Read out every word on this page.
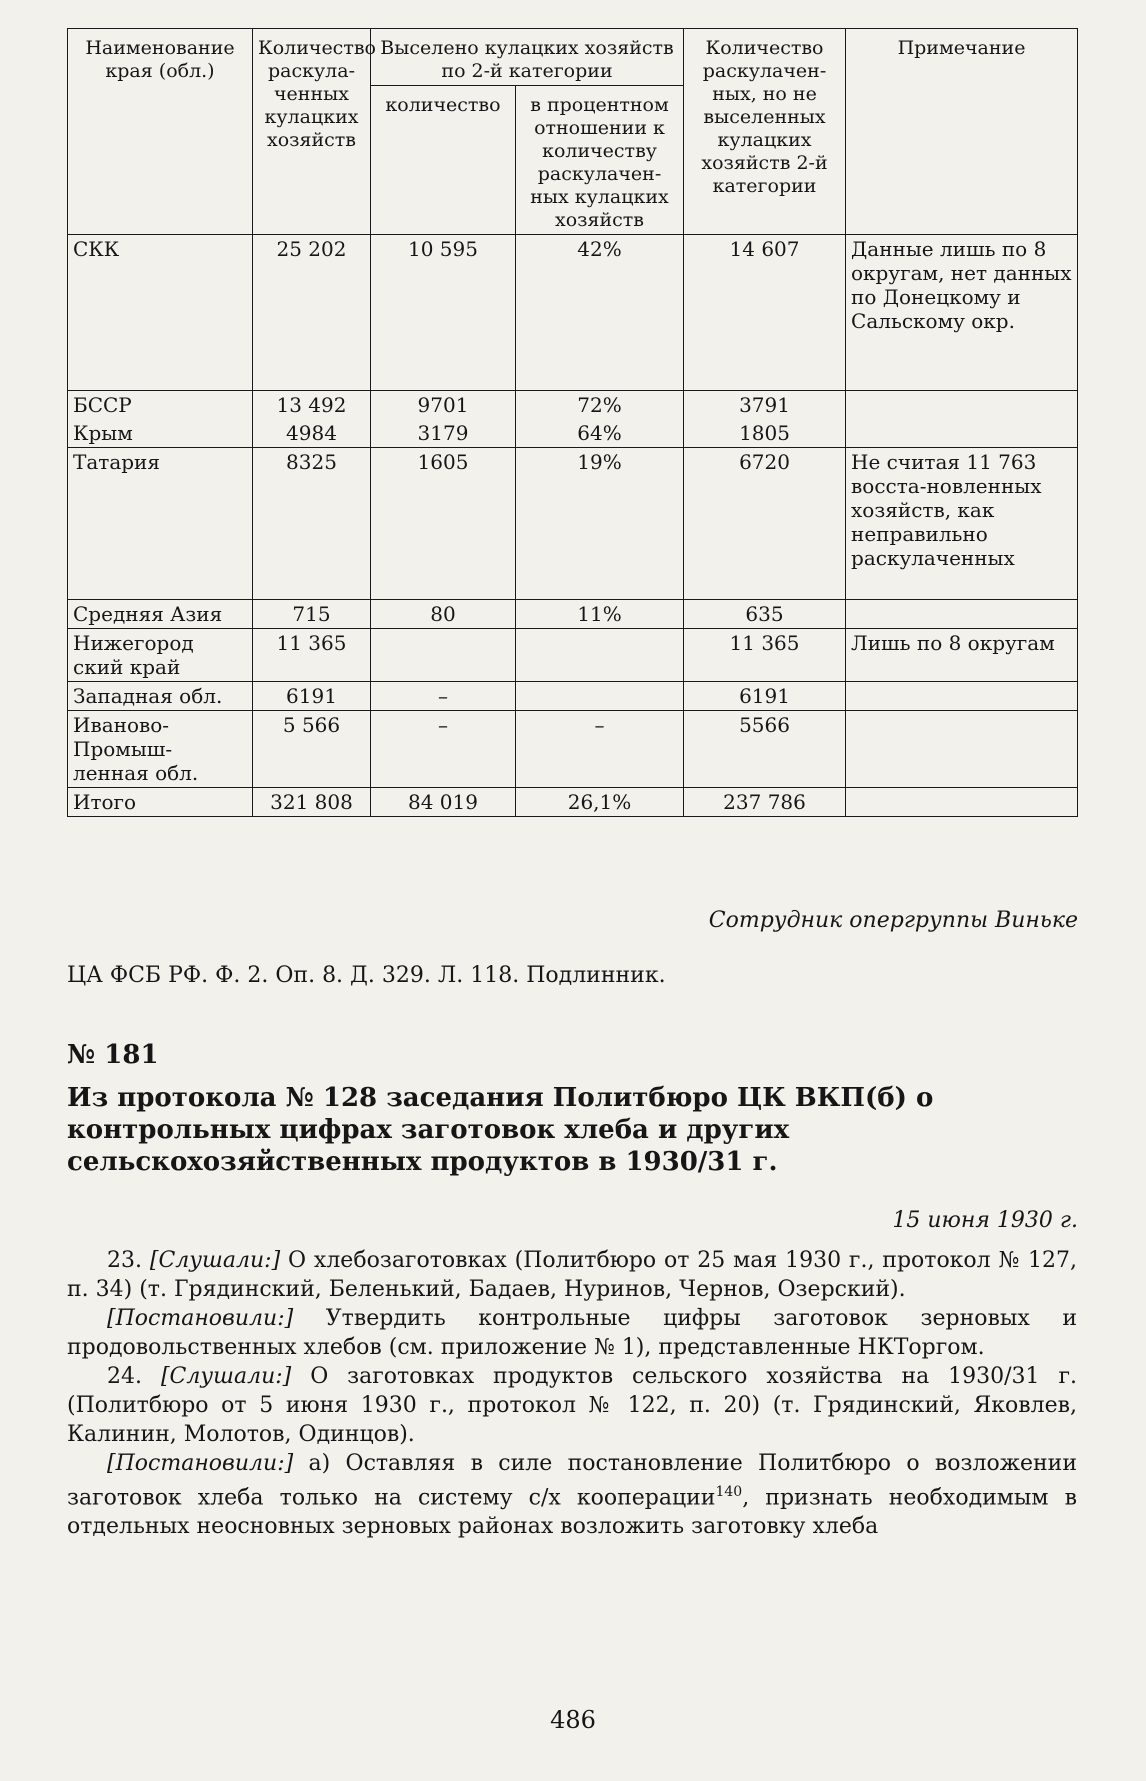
Наименование края (обл.)	Количество раскула-ченных кулацких хозяйств	Выселено кулацких хозяйств по 2-й категории		Количество раскулачен-ных, но не выселенных кулацких хозяйств 2-й категории	Примечание
		количество	в процентном отношении к количеству раскулачен-ных кулацких хозяйств		
СКК	25 202	10 595	42%	14 607	Данные лишь по 8 округам, нет данных по Донецкому и Сальскому окр.
БССР	13 492	9701	72%	3791	
Крым	4984	3179	64%	1805	
Татария	8325	1605	19%	6720	Не считая 11 763 восста-новленных хозяйств, как неправильно раскулаченных
Средняя Азия	715	80	11%	635	
Нижегород ский край	11 365			11 365	Лишь по 8 округам
Западная обл.	6191	–		6191	
Иваново-Промыш-ленная обл.	5 566	–	–	5566	
Итого	321 808	84 019	26,1%	237 786	
Сотрудник опергруппы Виньке
ЦА ФСБ РФ. Ф. 2. Оп. 8. Д. 329. Л. 118. Подлинник.
№ 181
Из протокола № 128 заседания Политбюро ЦК ВКП(б) о контрольных цифрах заготовок хлеба и других сельскохозяйственных продуктов в 1930/31 г.
15 июня 1930 г.

23. [Слушали:] О хлебозаготовках (Политбюро от 25 мая 1930 г., протокол № 127, п. 34) (т. Грядинский, Беленький, Бадаев, Нуринов, Чернов, Озерский).

[Постановили:] Утвердить контрольные цифры заготовок зерновых и продовольственных хлебов (см. приложение № 1), представленные НКТоргом.

24. [Слушали:] О заготовках продуктов сельского хозяйства на 1930/31 г. (Политбюро от 5 июня 1930 г., протокол № 122, п. 20) (т. Грядинский, Яковлев, Калинин, Молотов, Одинцов).

[Постановили:] а) Оставляя в силе постановление Политбюро о возложении заготовок хлеба только на систему с/х кооперации$^{140}$, признать необходимым в отдельных неосновных зерновых районах возложить заготовку хлеба

486
